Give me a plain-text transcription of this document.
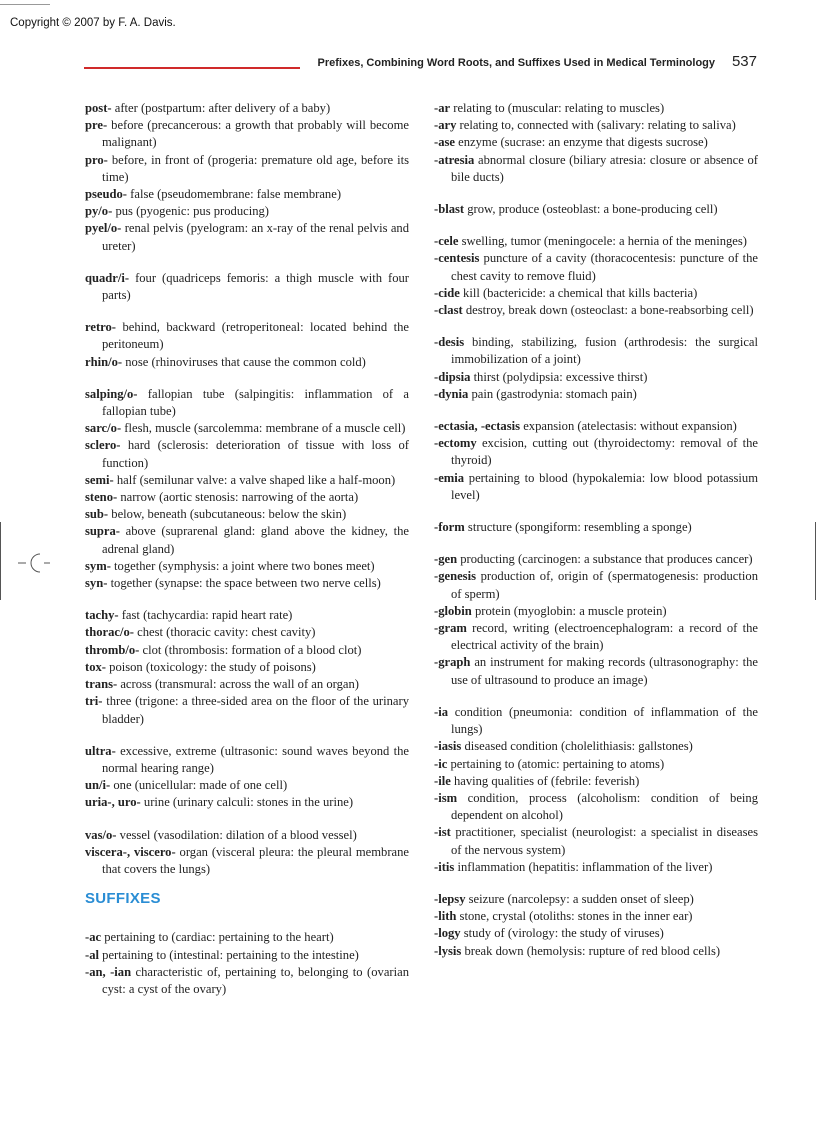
Copyright © 2007 by F. A. Davis.
Prefixes, Combining Word Roots, and Suffixes Used in Medical Terminology 537

post- after (postpartum: after delivery of a baby)

pre- before (precancerous: a growth that probably will become malignant)

pro- before, in front of (progeria: premature old age, before its time)

pseudo- false (pseudomembrane: false membrane)

py/o- pus (pyogenic: pus producing)

pyel/o- renal pelvis (pyelogram: an x-ray of the renal pelvis and ureter)

quadr/i- four (quadriceps femoris: a thigh muscle with four parts)

retro- behind, backward (retroperitoneal: located behind the peritoneum)

rhin/o- nose (rhinoviruses that cause the common cold)

salping/o- fallopian tube (salpingitis: inflammation of a fallopian tube)

sarc/o- flesh, muscle (sarcolemma: membrane of a muscle cell)

sclero- hard (sclerosis: deterioration of tissue with loss of function)

semi- half (semilunar valve: a valve shaped like a half-moon)

steno- narrow (aortic stenosis: narrowing of the aorta)

sub- below, beneath (subcutaneous: below the skin)

supra- above (suprarenal gland: gland above the kidney, the adrenal gland)

sym- together (symphysis: a joint where two bones meet)

syn- together (synapse: the space between two nerve cells)

tachy- fast (tachycardia: rapid heart rate)

thorac/o- chest (thoracic cavity: chest cavity)

thromb/o- clot (thrombosis: formation of a blood clot)

tox- poison (toxicology: the study of poisons)

trans- across (transmural: across the wall of an organ)

tri- three (trigone: a three-sided area on the floor of the urinary bladder)

ultra- excessive, extreme (ultrasonic: sound waves beyond the normal hearing range)

un/i- one (unicellular: made of one cell)

uria-, uro- urine (urinary calculi: stones in the urine)

vas/o- vessel (vasodilation: dilation of a blood vessel)

viscera-, viscero- organ (visceral pleura: the pleural membrane that covers the lungs)

SUFFIXES

-ac pertaining to (cardiac: pertaining to the heart)

-al pertaining to (intestinal: pertaining to the intestine)

-an, -ian characteristic of, pertaining to, belonging to (ovarian cyst: a cyst of the ovary)

-ar relating to (muscular: relating to muscles)

-ary relating to, connected with (salivary: relating to saliva)

-ase enzyme (sucrase: an enzyme that digests sucrose)

-atresia abnormal closure (biliary atresia: closure or absence of bile ducts)

-blast grow, produce (osteoblast: a bone-producing cell)

-cele swelling, tumor (meningocele: a hernia of the meninges)

-centesis puncture of a cavity (thoracocentesis: puncture of the chest cavity to remove fluid)

-cide kill (bactericide: a chemical that kills bacteria)

-clast destroy, break down (osteoclast: a bone-reabsorbing cell)

-desis binding, stabilizing, fusion (arthrodesis: the surgical immobilization of a joint)

-dipsia thirst (polydipsia: excessive thirst)

-dynia pain (gastrodynia: stomach pain)

-ectasia, -ectasis expansion (atelectasis: without expansion)

-ectomy excision, cutting out (thyroidectomy: removal of the thyroid)

-emia pertaining to blood (hypokalemia: low blood potassium level)

-form structure (spongiform: resembling a sponge)

-gen producting (carcinogen: a substance that produces cancer)

-genesis production of, origin of (spermatogenesis: production of sperm)

-globin protein (myoglobin: a muscle protein)

-gram record, writing (electroencephalogram: a record of the electrical activity of the brain)

-graph an instrument for making records (ultrasonography: the use of ultrasound to produce an image)

-ia condition (pneumonia: condition of inflammation of the lungs)

-iasis diseased condition (cholelithiasis: gallstones)

-ic pertaining to (atomic: pertaining to atoms)

-ile having qualities of (febrile: feverish)

-ism condition, process (alcoholism: condition of being dependent on alcohol)

-ist practitioner, specialist (neurologist: a specialist in diseases of the nervous system)

-itis inflammation (hepatitis: inflammation of the liver)

-lepsy seizure (narcolepsy: a sudden onset of sleep)

-lith stone, crystal (otoliths: stones in the inner ear)

-logy study of (virology: the study of viruses)

-lysis break down (hemolysis: rupture of red blood cells)
